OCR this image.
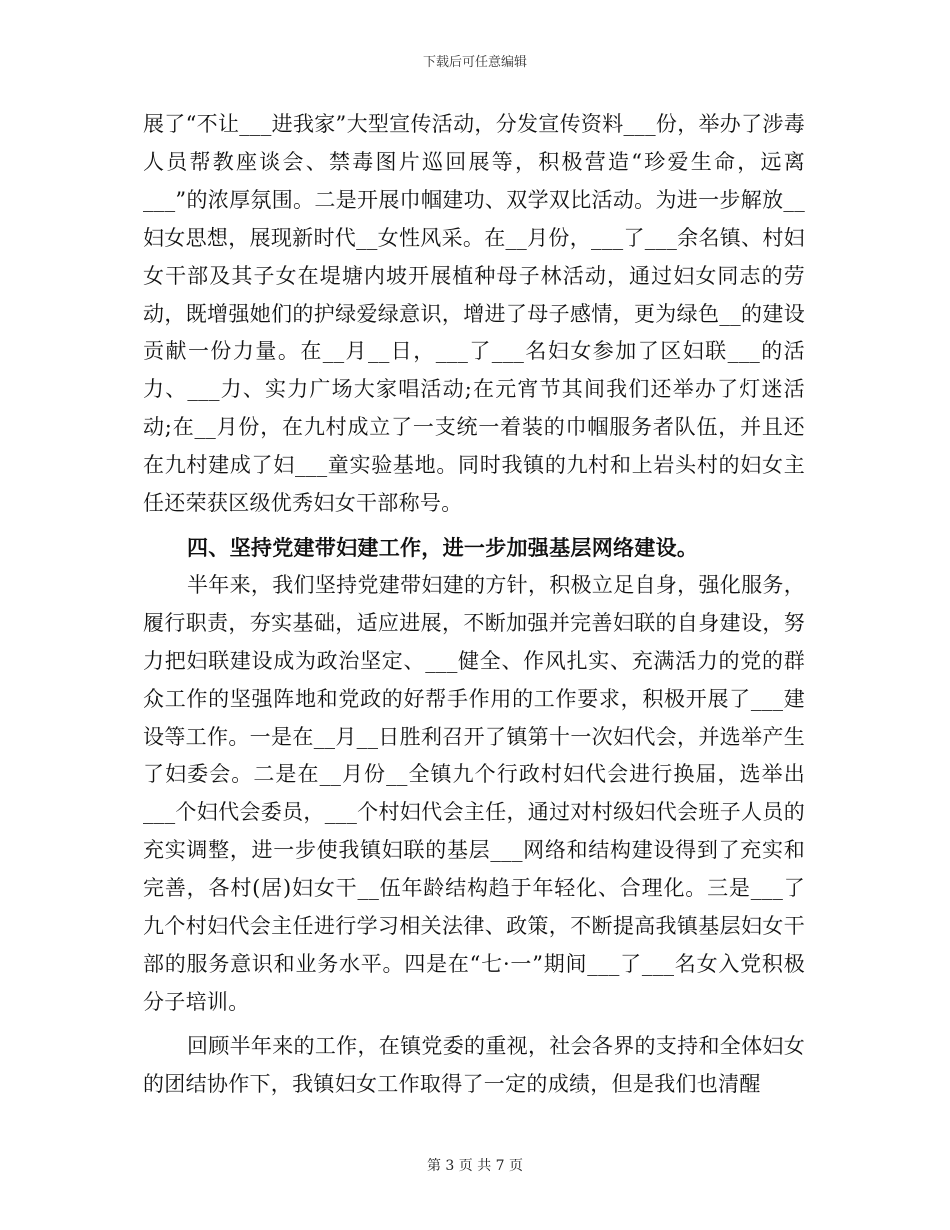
下载后可任意编辑

展了“不让___进我家”大型宣传活动，分发宣传资料___份，举办了涉毒人员帮教座谈会、禁毒图片巡回展等，积极营造“珍爱生命，远离___”的浓厚氛围。二是开展巾帼建功、双学双比活动。为进一步解放__妇女思想，展现新时代__女性风采。在__月份，___了___余名镇、村妇女干部及其子女在堤塘内坡开展植种母子林活动，通过妇女同志的劳动，既增强她们的护绿爱绿意识，增进了母子感情，更为绿色__的建设贡献一份力量。在__月__日，___了___名妇女参加了区妇联___的活力、___力、实力广场大家唱活动;在元宵节其间我们还举办了灯迷活动;在__月份，在九村成立了一支统一着装的巾帼服务者队伍，并且还在九村建成了妇___童实验基地。同时我镇的九村和上岩头村的妇女主任还荣获区级优秀妇女干部称号。

四、坚持党建带妇建工作，进一步加强基层网络建设。

半年来，我们坚持党建带妇建的方针，积极立足自身，强化服务，履行职责，夯实基础，适应进展，不断加强并完善妇联的自身建设，努力把妇联建设成为政治坚定、___健全、作风扎实、充满活力的党的群众工作的坚强阵地和党政的好帮手作用的工作要求，积极开展了___建设等工作。一是在__月__日胜利召开了镇第十一次妇代会，并选举产生了妇委会。二是在__月份__全镇九个行政村妇代会进行换届，选举出___个妇代会委员，___个村妇代会主任，通过对村级妇代会班子人员的充实调整，进一步使我镇妇联的基层___网络和结构建设得到了充实和完善，各村(居)妇女干__伍年龄结构趋于年轻化、合理化。三是___了九个村妇代会主任进行学习相关法律、政策，不断提高我镇基层妇女干部的服务意识和业务水平。四是在“七·一”期间___了___名女入党积极分子培训。

回顾半年来的工作，在镇党委的重视，社会各界的支持和全体妇女的团结协作下，我镇妇女工作取得了一定的成绩，但是我们也清醒

第 3 页 共 7 页
